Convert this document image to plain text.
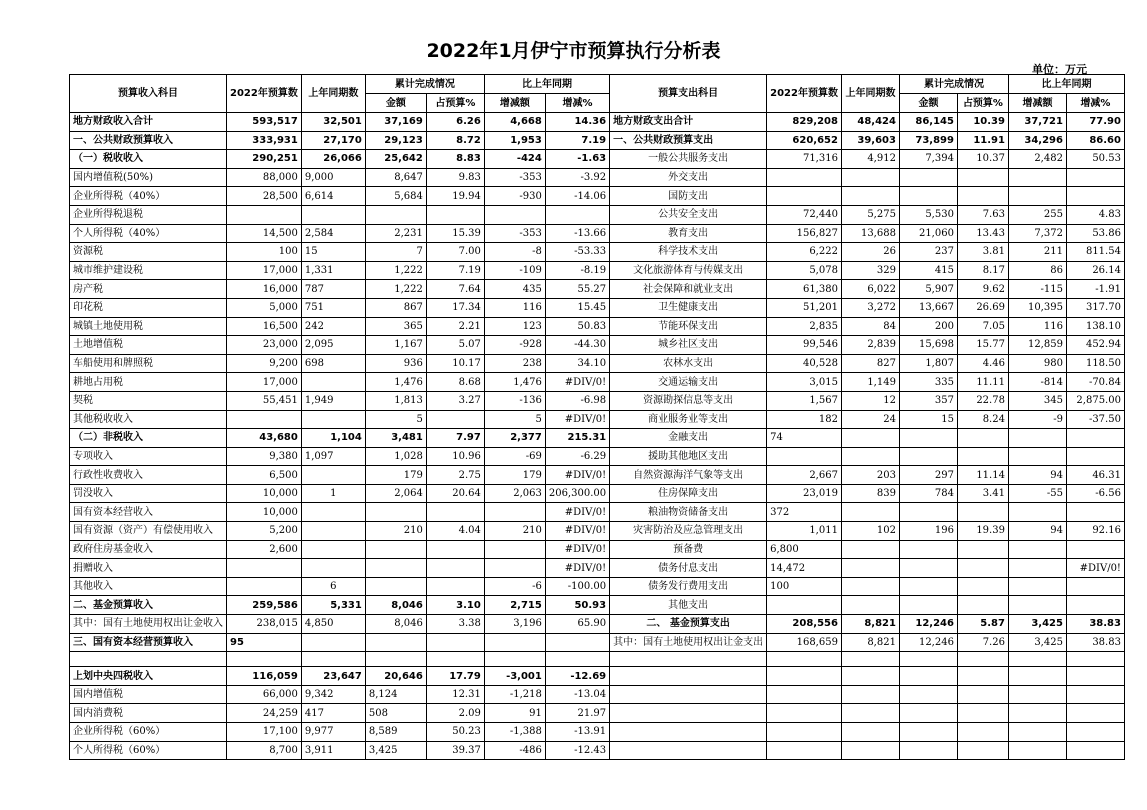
2022年1月伊宁市预算执行分析表
单位：万元
预算收入科目	2022年预算数	上年同期数	累计完成情况		比上年同期		预算支出科目	2022年预算数	上年同期数	累计完成情况		比上年同期	
			金额	占预算%	增减额	增减%				金额	占预算%	增减额	增减%
地方财政收入合计	593,517	32,501	37,169	6.26	4,668	14.36	地方财政支出合计	829,208	48,424	86,145	10.39	37,721	77.90
一、公共财政预算收入	333,931	27,170	29,123	8.72	1,953	7.19	一、公共财政预算支出	620,652	39,603	73,899	11.91	34,296	86.60
（一）税收收入	290,251	26,066	25,642	8.83	-424	-1.63	一般公共服务支出	71,316	4,912	7,394	10.37	2,482	50.53
国内增值税(50%)	88,000	9,000	8,647	9.83	-353	-3.92	外交支出						
企业所得税（40%）	28,500	6,614	5,684	19.94	-930	-14.06	国防支出						
企业所得税退税							公共安全支出	72,440	5,275	5,530	7.63	255	4.83
个人所得税（40%）	14,500	2,584	2,231	15.39	-353	-13.66	教育支出	156,827	13,688	21,060	13.43	7,372	53.86
资源税	100	15	7	7.00	-8	-53.33	科学技术支出	6,222	26	237	3.81	211	811.54
城市维护建设税	17,000	1,331	1,222	7.19	-109	-8.19	文化旅游体育与传媒支出	5,078	329	415	8.17	86	26.14
房产税	16,000	787	1,222	7.64	435	55.27	社会保障和就业支出	61,380	6,022	5,907	9.62	-115	-1.91
印花税	5,000	751	867	17.34	116	15.45	卫生健康支出	51,201	3,272	13,667	26.69	10,395	317.70
城镇土地使用税	16,500	242	365	2.21	123	50.83	节能环保支出	2,835	84	200	7.05	116	138.10
土地增值税	23,000	2,095	1,167	5.07	-928	-44.30	城乡社区支出	99,546	2,839	15,698	15.77	12,859	452.94
车船使用和牌照税	9,200	698	936	10.17	238	34.10	农林水支出	40,528	827	1,807	4.46	980	118.50
耕地占用税	17,000		1,476	8.68	1,476	#DIV/0!	交通运输支出	3,015	1,149	335	11.11	-814	-70.84
契税	55,451	1,949	1,813	3.27	-136	-6.98	资源勘探信息等支出	1,567	12	357	22.78	345	2,875.00
其他税收收入			5		5	#DIV/0!	商业服务业等支出	182	24	15	8.24	-9	-37.50
（二）非税收入	43,680	1,104	3,481	7.97	2,377	215.31	金融支出	74					
专项收入	9,380	1,097	1,028	10.96	-69	-6.29	援助其他地区支出						
行政性收费收入	6,500		179	2.75	179	#DIV/0!	自然资源海洋气象等支出	2,667	203	297	11.14	94	46.31
罚没收入	10,000	1	2,064	20.64	2,063	206,300.00	住房保障支出	23,019	839	784	3.41	-55	-6.56
国有资本经营收入	10,000					#DIV/0!	粮油物资储备支出	372					
国有资源（资产）有偿使用收入	5,200		210	4.04	210	#DIV/0!	灾害防治及应急管理支出	1,011	102	196	19.39	94	92.16
政府住房基金收入	2,600					#DIV/0!	预备费	6,800					
捐赠收入						#DIV/0!	债务付息支出	14,472					#DIV/0!
其他收入		6			-6	-100.00	债务发行费用支出	100					
二、基金预算收入	259,586	5,331	8,046	3.10	2,715	50.93	其他支出						
其中：国有土地使用权出让金收入	238,015	4,850	8,046	3.38	3,196	65.90	二、 基金预算支出	208,556	8,821	12,246	5.87	3,425	38.83
三、国有资本经营预算收入	95						其中：国有土地使用权出让金支出	168,659	8,821	12,246	7.26	3,425	38.83

上划中央四税收入	116,059	23,647	20,646	17.79	-3,001	-12.69							
国内增值税	66,000	9,342	8,124	12.31	-1,218	-13.04							
国内消费税	24,259	417	508	2.09	91	21.97							
企业所得税（60%）	17,100	9,977	8,589	50.23	-1,388	-13.91							
个人所得税（60%）	8,700	3,911	3,425	39.37	-486	-12.43							
